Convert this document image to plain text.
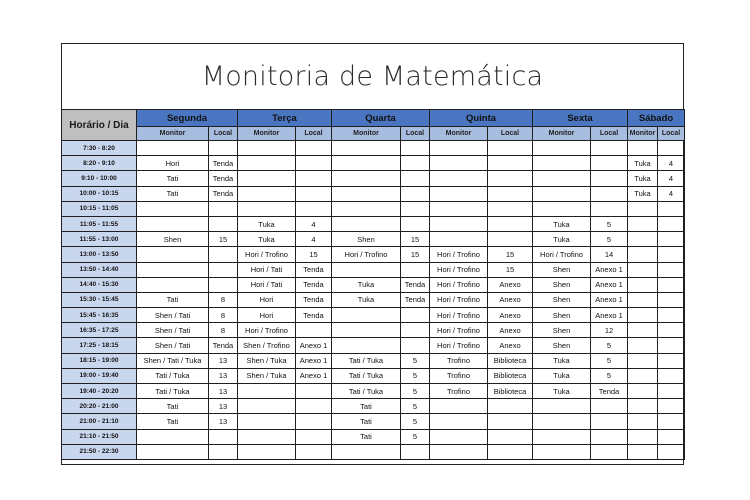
Monitoria de Matemática
Horário / Dia	Segunda		Terça		Quarta		Quinta		Sexta		Sábado	
	Monitor	Local	Monitor	Local	Monitor	Local	Monitor	Local	Monitor	Local	Monitor	Local
7:30 - 8:20												
8:20 - 9:10	Hori	Tenda									Tuka	4
9:10 - 10:00	Tati	Tenda									Tuka	4
10:00 - 10:15	Tati	Tenda									Tuka	4
10:15 - 11:05												
11:05 - 11:55			Tuka	4					Tuka	5		
11:55 - 13:00	Shen	15	Tuka	4	Shen	15			Tuka	5		
13:00 - 13:50			Hori / Trofino	15	Hori / Trofino	15	Hori / Trofino	15	Hori / Trofino	14		
13:50 - 14:40			Hori / Tati	Tenda			Hori / Trofino	15	Shen	Anexo 1		
14:40 - 15:30			Hori / Tati	Tenda	Tuka	Tenda	Hori / Trofino	Anexo	Shen	Anexo 1		
15:30 - 15:45	Tati	8	Hori	Tenda	Tuka	Tenda	Hori / Trofino	Anexo	Shen	Anexo 1		
15:45 - 16:35	Shen / Tati	8	Hori	Tenda			Hori / Trofino	Anexo	Shen	Anexo 1		
16:35 - 17:25	Shen / Tati	8	Hori / Trofino				Hori / Trofino	Anexo	Shen	12		
17:25 - 18:15	Shen / Tati	Tenda	Shen / Trofino	Anexo 1			Hori / Trofino	Anexo	Shen	5		
18:15 - 19:00	Shen / Tati / Tuka	13	Shen / Tuka	Anexo 1	Tati / Tuka	5	Trofino	Biblioteca	Tuka	5		
19:00 - 19:40	Tati / Tuka	13	Shen / Tuka	Anexo 1	Tati / Tuka	5	Trofino	Biblioteca	Tuka	5		
19:40 - 20:20	Tati / Tuka	13			Tati / Tuka	5	Trofino	Biblioteca	Tuka	Tenda		
20:20 - 21:00	Tati	13			Tati	5						
21:00 - 21:10	Tati	13			Tati	5						
21:10 - 21:50					Tati	5						
21:50 - 22:30												
